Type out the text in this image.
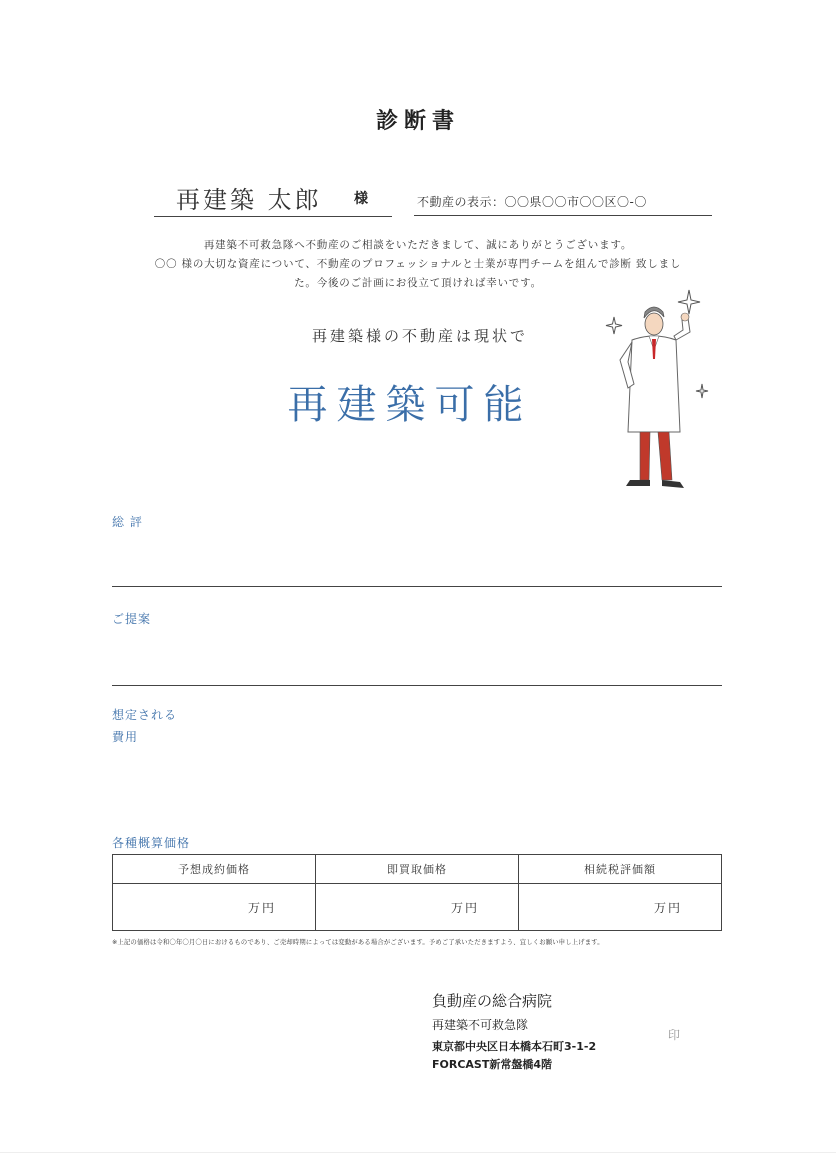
診断書
再建築 太郎 様	不動産の表示：〇〇県〇〇市〇〇区〇-〇
再建築不可救急隊へ不動産のご相談をいただきまして、誠にありがとうございます。
〇〇 様の大切な資産について、不動産のプロフェッショナルと士業が専門チームを組んで診断 致しまし
た。今後のご計画にお役立て頂ければ幸いです。
再建築様の不動産は現状で
再建築可能
総 評
ご提案
想定される
費用
各種概算価格
予想成約価格	即買取価格	相続税評価額

万円	万円	万円
※上記の価格は令和〇年〇月〇日におけるものであり、ご売却時期によっては変動がある場合がございます。予めご了承いただきますよう、宜しくお願い申し上げます。
負動産の総合病院
再建築不可救急隊
東京都中央区日本橋本石町3-1-2
FORCAST新常盤橋4階
印
